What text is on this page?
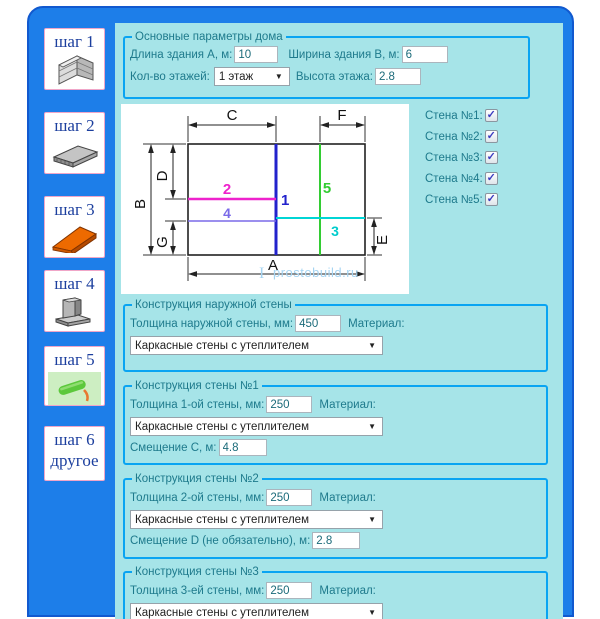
шаг 1
шаг 2
шаг 3
шаг 4
шаг 5
шаг 6
другое
Основные параметры дома
Длина здания А, м:
10	Ширина здания В, м:
6
Кол-во этажей: 1 этаж	▼ Высота этажа:
2.8
C	F
B
D
G
A
E
2
1
4
5
3
I prostobuild.ru
Стена №1: ✓
Стена №2: ✓
Стена №3: ✓
Стена №4: ✓
Стена №5: ✓
Конструкция наружной стены
Толщина наружной стены, мм:
450	Материал:
Каркасные стены с утеплителем	▼
Конструкция стены №1
Толщина 1-ой стены, мм:
250	Материал:
Каркасные стены с утеплителем	▼
Смещение С, м:
4.8
Конструкция стены №2
Толщина 2-ой стены, мм:
250	Материал:
Каркасные стены с утеплителем	▼
Смещение D (не обязательно), м:
2.8
Конструкция стены №3
Толщина 3-ей стены, мм:
250	Материал:
Каркасные стены с утеплителем	▼
